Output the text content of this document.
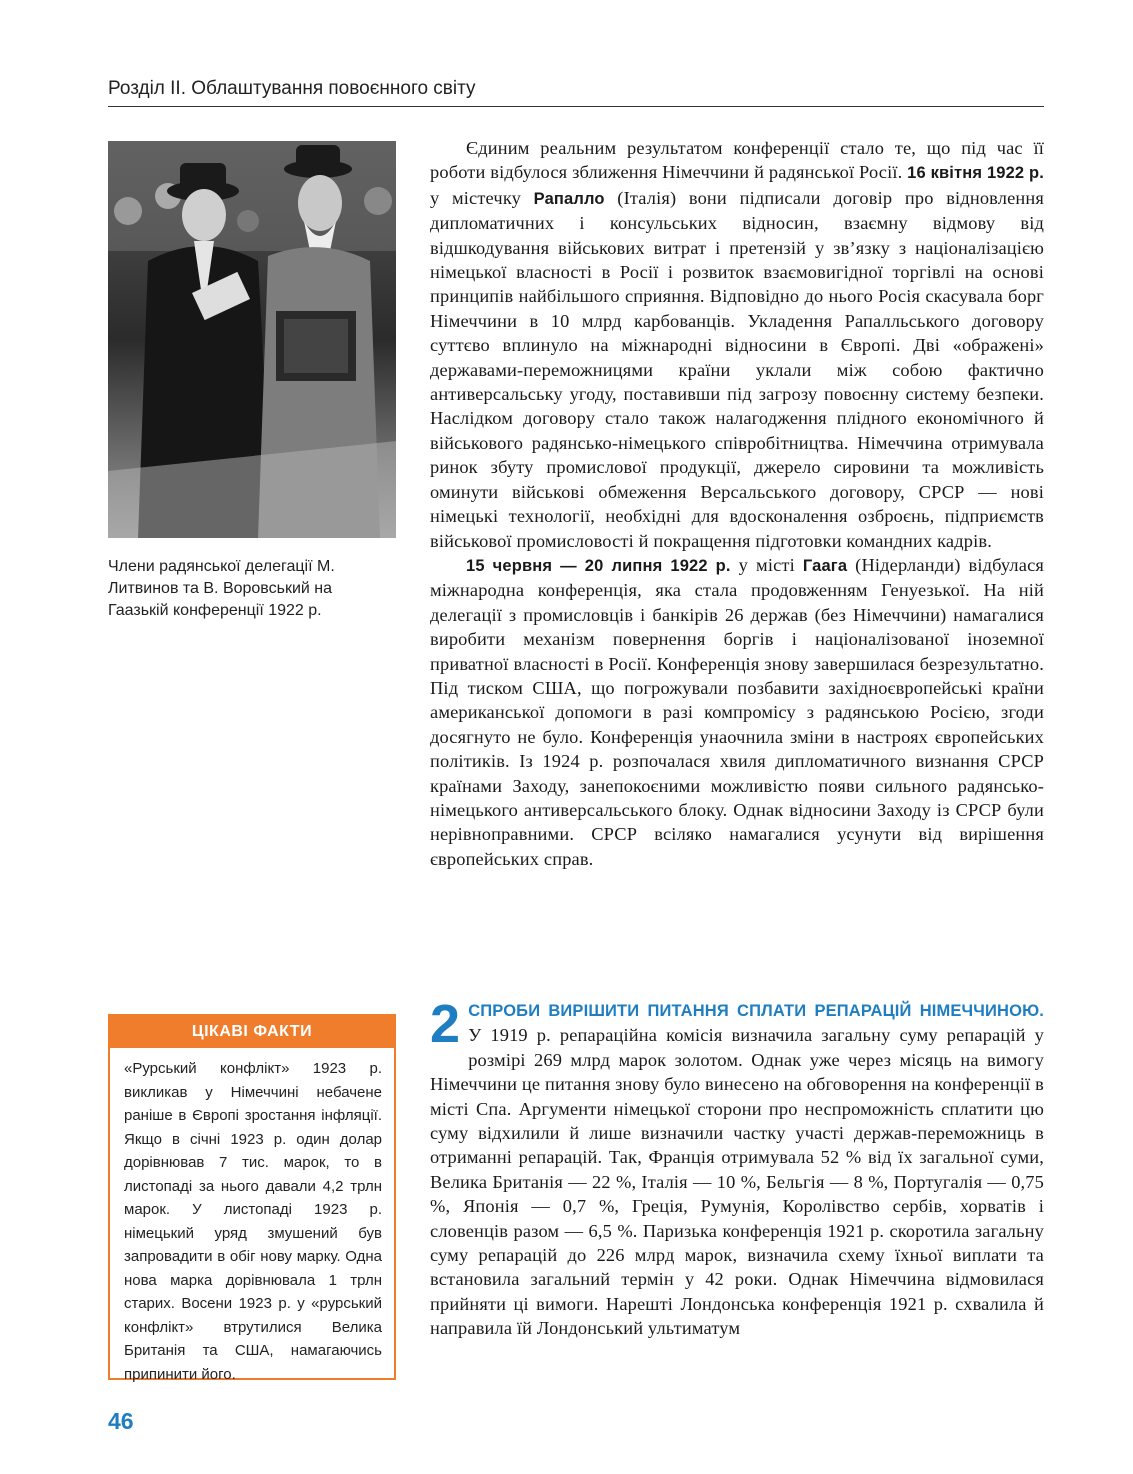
Розділ ІІ. Облаштування повоєнного світу
Члени радянської делегації М. Литвинов та В. Воровський на Гаазькій конференції 1922 р.
ЦІКАВІ ФАКТИ
«Рурський конфлікт» 1923 р. викликав у Німеччині небачене раніше в Європі зростання інфляції. Якщо в січні 1923 р. один долар дорівнював 7 тис. марок, то в листопаді за нього давали 4,2 трлн марок. У листопаді 1923 р. німецький уряд змушений був запровадити в обіг нову марку. Одна нова марка дорівнювала 1 трлн старих. Восени 1923 р. у «рурський конфлікт» втрутилися Велика Британія та США, намагаючись припинити його.

Єдиним реальним результатом конференції стало те, що під час її роботи відбулося зближення Німеччини й радянської Росії. 16 квітня 1922 р. у містечку Рапалло (Італія) вони підписали договір про відновлення дипломатичних і консульських відносин, взаємну відмову від відшкодування військових витрат і претензій у зв’язку з націоналізацією німецької власності в Росії і розвиток взаємовигідної торгівлі на основі принципів найбільшого сприяння. Відповідно до нього Росія скасувала борг Німеччини в 10 млрд карбованців. Укладення Рапалльського договору суттєво вплинуло на міжнародні відносини в Європі. Дві «ображені» державами-переможницями країни уклали між собою фактично антиверсальську угоду, поставивши під загрозу повоєнну систему безпеки. Наслідком договору стало також налагодження плідного економічного й військового радянсько-німецького співробітництва. Німеччина отримувала ринок збуту промислової продукції, джерело сировини та можливість оминути військові обмеження Версальського договору, СРСР — нові німецькі технології, необхідні для вдосконалення озброєнь, підприємств військової промисловості й покращення підготовки командних кадрів.

15 червня — 20 липня 1922 р. у місті Гаага (Нідерланди) відбулася міжнародна конференція, яка стала продовженням Генуезької. На ній делегації з промисловців і банкірів 26 держав (без Німеччини) намагалися виробити механізм повернення боргів і націоналізованої іноземної приватної власності в Росії. Конференція знову завершилася безрезультатно. Під тиском США, що погрожували позбавити західноєвропейські країни американської допомоги в разі компромісу з радянською Росією, згоди досягнуто не було. Конференція унаочнила зміни в настроях європейських політиків. Із 1924 р. розпочалася хвиля дипломатичного визнання СРСР країнами Заходу, занепокоєними можливістю появи сильного радянсько-німецького антиверсальського блоку. Однак відносини Заходу із СРСР були нерівноправними. СРСР всіляко намагалися усунути від вирішення європейських справ.

2 СПРОБИ ВИРІШИТИ ПИТАННЯ СПЛАТИ РЕПАРАЦІЙ НІМЕЧЧИНОЮ. У 1919 р. репараційна комісія визначила загальну суму репарацій у розмірі 269 млрд марок золотом. Однак уже через місяць на вимогу Німеччини це питання знову було винесено на обговорення на конференції в місті Спа. Аргументи німецької сторони про неспроможність сплатити цю суму відхилили й лише визначили частку участі держав-переможниць в отриманні репарацій. Так, Франція отримувала 52 % від їх загальної суми, Велика Британія — 22 %, Італія — 10 %, Бельгія — 8 %, Португалія — 0,75 %, Японія — 0,7 %, Греція, Румунія, Королівство сербів, хорватів і словенців разом — 6,5 %. Паризька конференція 1921 р. скоротила загальну суму репарацій до 226 млрд марок, визначила схему їхньої виплати та встановила загальний термін у 42 роки. Однак Німеччина відмовилася прийняти ці вимоги. Нарешті Лондонська конференція 1921 р. схвалила й направила їй Лондонський ультиматум
46
